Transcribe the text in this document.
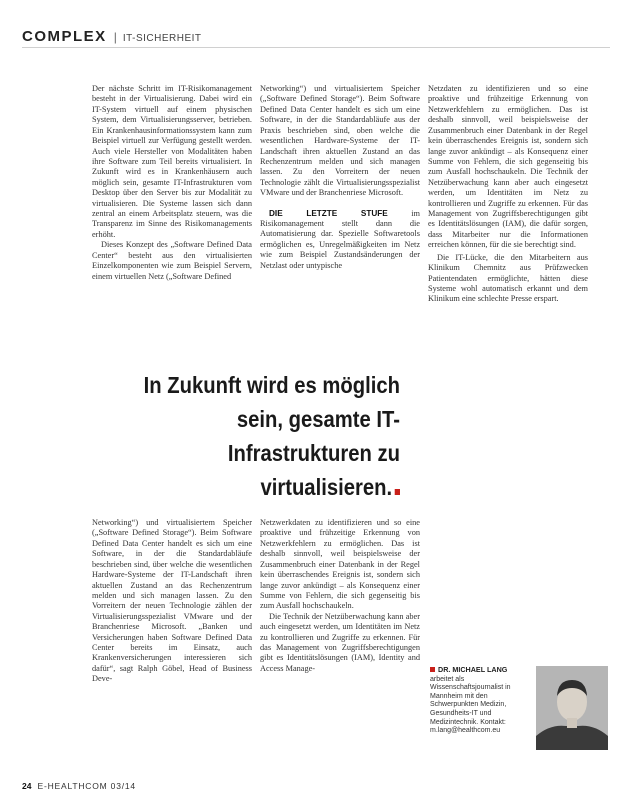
COMPLEX | IT-SICHERHEIT

Der nächste Schritt im IT-Risikomanagement besteht in der Virtualisierung. Dabei wird ein IT-System virtuell auf einem physischen System, dem Virtualisierungsserver, betrieben. Ein Krankenhausinformationssystem kann zum Beispiel virtuell zur Verfügung gestellt werden. Auch viele Hersteller von Modalitäten haben ihre Software zum Teil bereits virtualisiert. In Zukunft wird es in Krankenhäusern auch möglich sein, gesamte IT-Infrastrukturen vom Desktop über den Server bis zur Modalität zu virtualisieren. Die Systeme lassen sich dann zentral an einem Arbeitsplatz steuern, was die Transparenz im Sinne des Risikomanagements erhöht.

Dieses Konzept des „Software Defined Data Center“ besteht aus den virtualisierten Einzelkomponenten wie zum Beispiel Servern, einem virtuellen Netz („Software Defined

Networking“) und virtualisiertem Speicher („Software Defined Storage“). Beim Software Defined Data Center handelt es sich um eine Software, in der die Standardabläufe aus der Praxis beschrieben sind, oben welche die wesentlichen Hardware-Systeme der IT-Landschaft ihren aktuellen Zustand an das Rechenzentrum melden und sich managen lassen. Zu den Vorreitern der neuen Technologie zählt die Virtualisierungsspezialist VMware und der Branchenriese Microsoft.

DIE LETZTE STUFE im Risikomanagement stellt dann die Automatisierung dar. Spezielle Softwaretools ermöglichen es, Unregelmäßigkeiten im Netz wie zum Beispiel Zustandsänderungen der Netzlast oder untypische

Netzdaten zu identifizieren und so eine proaktive und frühzeitige Erkennung von Netzwerkfehlern zu ermöglichen. Das ist deshalb sinnvoll, weil beispielsweise der Zusammenbruch einer Datenbank in der Regel kein überraschendes Ereignis ist, sondern sich lange zuvor ankündigt – als Konsequenz einer Summe von Fehlern, die sich gegenseitig bis zum Ausfall hochschaukeln. Die Technik der Netzüberwachung kann aber auch eingesetzt werden, um Identitäten im Netz zu kontrollieren und Zugriffe zu erkennen. Für das Management von Zugriffsberechtigungen gibt es Identitätslösungen (IAM), die dafür sorgen, dass Mitarbeiter nur die Informationen erreichen können, für die sie berechtigt sind.

Die IT-Lücke, die den Mitarbeitern aus Klinikum Chemnitz aus Prüfzwecken Patientendaten ermöglichte, hätten diese Systeme wohl automatisch erkannt und dem Klinikum eine schlechte Presse erspart.

In Zukunft wird es möglich sein, gesamte IT-Infrastrukturen zu virtualisieren.

Networking“) und virtualisiertem Speicher („Software Defined Storage“). Beim Software Defined Data Center handelt es sich um eine Software, in der die Standardabläufe beschrieben sind, über welche die wesentlichen Hardware-Systeme der IT-Landschaft ihren aktuellen Zustand an das Rechenzentrum melden und sich managen lassen. Zu den Vorreitern der neuen Technologie zählen der Virtualisierungsspezialist VMware und der Branchenriese Microsoft. „Banken und Versicherungen haben Software Defined Data Center bereits im Einsatz, auch Krankenversicherungen interessieren sich dafür“, sagt Ralph Göbel, Head of Business Deve-

Netzwerkdaten zu identifizieren und so eine proaktive und frühzeitige Erkennung von Netzwerkfehlern zu ermöglichen. Das ist deshalb sinnvoll, weil beispielsweise der Zusammenbruch einer Datenbank in der Regel kein überraschendes Ereignis ist, sondern sich lange zuvor ankündigt – als Konsequenz einer Summe von Fehlern, die sich gegenseitig bis zum Ausfall hochschaukeln.

Die Technik der Netzüberwachung kann aber auch eingesetzt werden, um Identitäten im Netz zu kontrollieren und Zugriffe zu erkennen. Für das Management von Zugriffsberechtigungen gibt es Identitätslösungen (IAM), Identity and Access Manage-	DR. MICHAEL LANG
arbeitet als Wissenschaftsjournalist in Mannheim mit den Schwerpunkten Medizin, Gesundheits-IT und Medizintechnik. Kontakt: m.lang@healthcom.eu
24 E-HEALTHCOM 03/14
